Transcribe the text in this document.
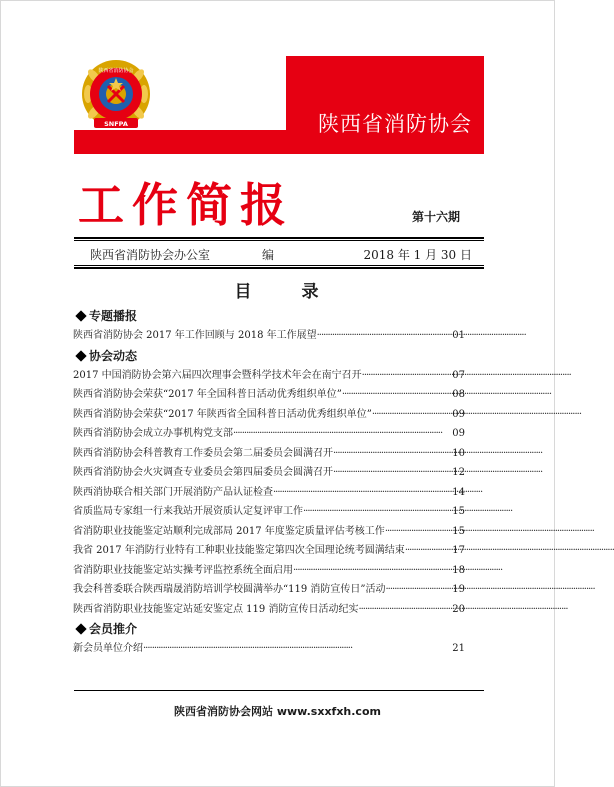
陕西省消防协会
陕西省消防协会
SNFPA
工作简报	第十六期
陕西省消防协会办公室	编	2018 年 1 月 30 日
目 录
专题播报
陕西省消防协会 2017 年工作回顾与 2018 年工作展望 ·····	01
协会动态
2017 中国消防协会第六届四次理事会暨科学技术年会在南宁召开 ·····	07
陕西省消防协会荣获“2017 年全国科普日活动优秀组织单位” ·····	08
陕西省消防协会荣获“2017 年陕西省全国科普日活动优秀组织单位” ·····	09
陕西省消防协会成立办事机构党支部 ·····	09
陕西省消防协会科普教育工作委员会第二届委员会圆满召开 ·····	10
陕西省消防协会火灾调查专业委员会第四届委员会圆满召开 ·····	12
陕西消协联合相关部门开展消防产品认证检查 ·····	14
省质监局专家组一行来我站开展资质认定复评审工作 ·····	15
省消防职业技能鉴定站顺利完成部局 2017 年度鉴定质量评估考核工作 ·····	15
我省 2017 年消防行业特有工种职业技能鉴定第四次全国理论统考圆满结束 ·····	17
省消防职业技能鉴定站实操考评监控系统全面启用 ·····	18
我会科普委联合陕西瑞晟消防培训学校圆满举办“119 消防宣传日”活动 ·····	19
陕西省消防职业技能鉴定站延安鉴定点 119 消防宣传日活动纪实 ·····	20
会员推介
新会员单位介绍 ·····	21
陕西省消防协会网站 www.sxxfxh.com
